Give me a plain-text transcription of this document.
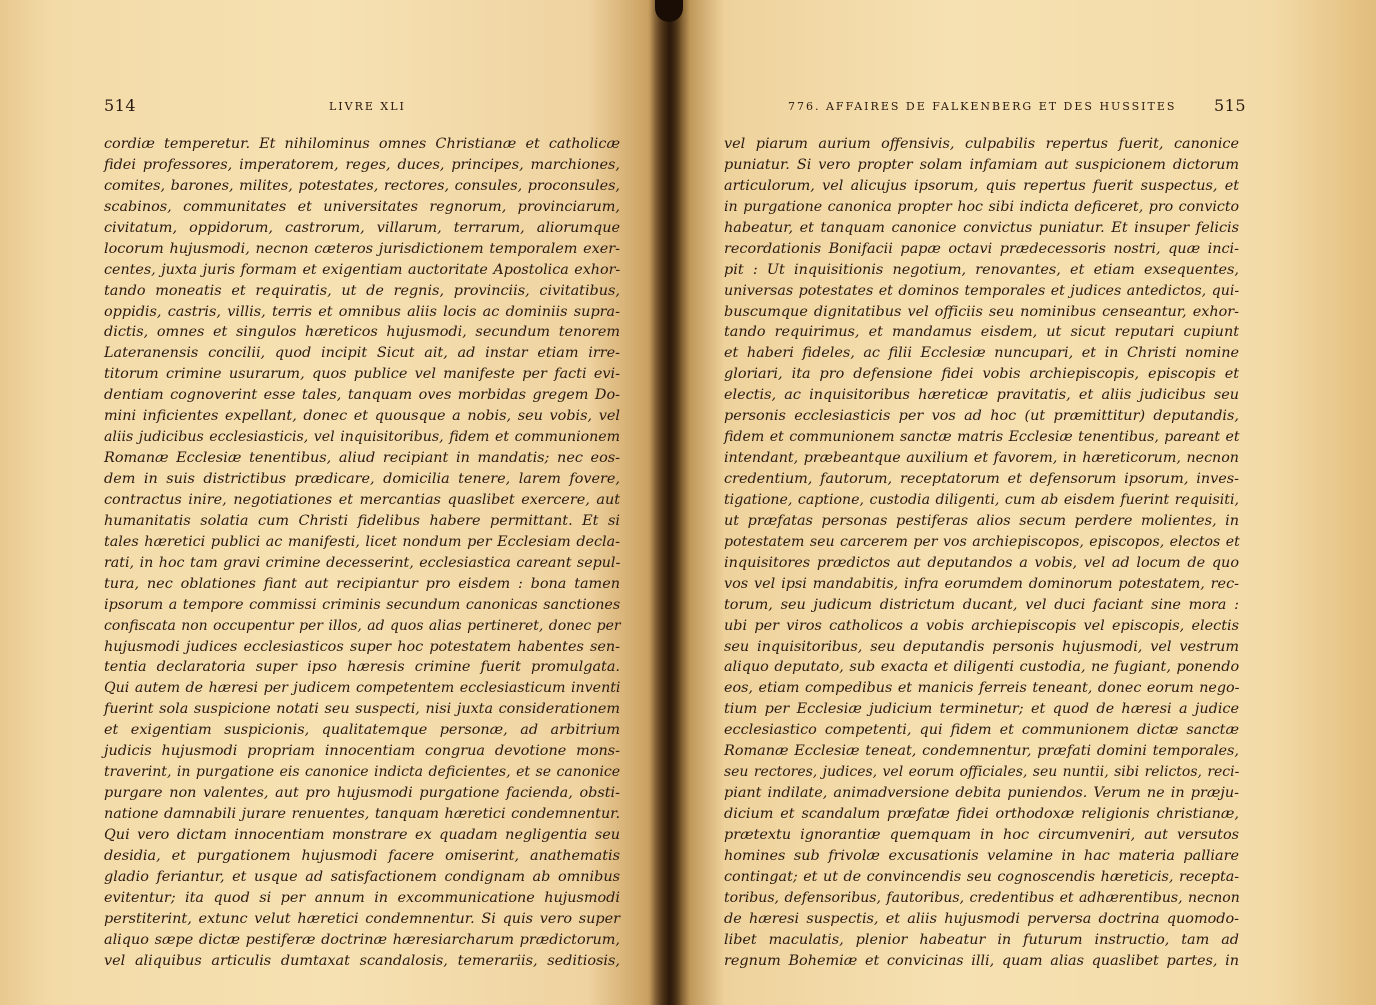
514	LIVRE XLI
cordiæ temperetur. Et nihilominus omnes Christianæ et catholicæ
fidei professores, imperatorem, reges, duces, principes, marchiones,
comites, barones, milites, potestates, rectores, consules, proconsules,
scabinos, communitates et universitates regnorum, provinciarum,
civitatum, oppidorum, castrorum, villarum, terrarum, aliorumque
locorum hujusmodi, necnon cæteros jurisdictionem temporalem exer-
centes, juxta juris formam et exigentiam auctoritate Apostolica exhor-
tando moneatis et requiratis, ut de regnis, provinciis, civitatibus,
oppidis, castris, villis, terris et omnibus aliis locis ac dominiis supra-
dictis, omnes et singulos hæreticos hujusmodi, secundum tenorem
Lateranensis concilii, quod incipit Sicut ait, ad instar etiam irre-
titorum crimine usurarum, quos publice vel manifeste per facti evi-
dentiam cognoverint esse tales, tanquam oves morbidas gregem Do-
mini inficientes expellant, donec et quousque a nobis, seu vobis, vel
aliis judicibus ecclesiasticis, vel inquisitoribus, fidem et communionem
Romanæ Ecclesiæ tenentibus, aliud recipiant in mandatis; nec eos-
dem in suis districtibus prædicare, domicilia tenere, larem fovere,
contractus inire, negotiationes et mercantias quaslibet exercere, aut
humanitatis solatia cum Christi fidelibus habere permittant. Et si
tales hæretici publici ac manifesti, licet nondum per Ecclesiam decla-
rati, in hoc tam gravi crimine decesserint, ecclesiastica careant sepul-
tura, nec oblationes fiant aut recipiantur pro eisdem : bona tamen
ipsorum a tempore commissi criminis secundum canonicas sanctiones
confiscata non occupentur per illos, ad quos alias pertineret, donec per
hujusmodi judices ecclesiasticos super hoc potestatem habentes sen-
tentia declaratoria super ipso hæresis crimine fuerit promulgata.
Qui autem de hæresi per judicem competentem ecclesiasticum inventi
fuerint sola suspicione notati seu suspecti, nisi juxta considerationem
et exigentiam suspicionis, qualitatemque personæ, ad arbitrium
judicis hujusmodi propriam innocentiam congrua devotione mons-
traverint, in purgatione eis canonice indicta deficientes, et se canonice
purgare non valentes, aut pro hujusmodi purgatione facienda, obsti-
natione damnabili jurare renuentes, tanquam hæretici condemnentur.
Qui vero dictam innocentiam monstrare ex quadam negligentia seu
desidia, et purgationem hujusmodi facere omiserint, anathematis
gladio feriantur, et usque ad satisfactionem condignam ab omnibus
evitentur; ita quod si per annum in excommunicatione hujusmodi
perstiterint, extunc velut hæretici condemnentur. Si quis vero super
aliquo sæpe dictæ pestiferæ doctrinæ hæresiarcharum prædictorum,
vel aliquibus articulis dumtaxat scandalosis, temerariis, seditiosis,
776. AFFAIRES DE FALKENBERG ET DES HUSSITES 515
vel piarum aurium offensivis, culpabilis repertus fuerit, canonice
puniatur. Si vero propter solam infamiam aut suspicionem dictorum
articulorum, vel alicujus ipsorum, quis repertus fuerit suspectus, et
in purgatione canonica propter hoc sibi indicta deficeret, pro convicto
habeatur, et tanquam canonice convictus puniatur. Et insuper felicis
recordationis Bonifacii papæ octavi prædecessoris nostri, quæ inci-
pit : Ut inquisitionis negotium, renovantes, et etiam exsequentes,
universas potestates et dominos temporales et judices antedictos, qui-
buscumque dignitatibus vel officiis seu nominibus censeantur, exhor-
tando requirimus, et mandamus eisdem, ut sicut reputari cupiunt
et haberi fideles, ac filii Ecclesiæ nuncupari, et in Christi nomine
gloriari, ita pro defensione fidei vobis archiepiscopis, episcopis et
electis, ac inquisitoribus hæreticæ pravitatis, et aliis judicibus seu
personis ecclesiasticis per vos ad hoc (ut præmittitur) deputandis,
fidem et communionem sanctæ matris Ecclesiæ tenentibus, pareant et
intendant, præbeantque auxilium et favorem, in hæreticorum, necnon
credentium, fautorum, receptatorum et defensorum ipsorum, inves-
tigatione, captione, custodia diligenti, cum ab eisdem fuerint requisiti,
ut præfatas personas pestiferas alios secum perdere molientes, in
potestatem seu carcerem per vos archiepiscopos, episcopos, electos et
inquisitores prædictos aut deputandos a vobis, vel ad locum de quo
vos vel ipsi mandabitis, infra eorumdem dominorum potestatem, rec-
torum, seu judicum districtum ducant, vel duci faciant sine mora :
ubi per viros catholicos a vobis archiepiscopis vel episcopis, electis
seu inquisitoribus, seu deputandis personis hujusmodi, vel vestrum
aliquo deputato, sub exacta et diligenti custodia, ne fugiant, ponendo
eos, etiam compedibus et manicis ferreis teneant, donec eorum nego-
tium per Ecclesiæ judicium terminetur; et quod de hæresi a judice
ecclesiastico competenti, qui fidem et communionem dictæ sanctæ
Romanæ Ecclesiæ teneat, condemnentur, præfati domini temporales,
seu rectores, judices, vel eorum officiales, seu nuntii, sibi relictos, reci-
piant indilate, animadversione debita puniendos. Verum ne in præju-
dicium et scandalum præfatæ fidei orthodoxæ religionis christianæ,
prætextu ignorantiæ quemquam in hoc circumveniri, aut versutos
homines sub frivolæ excusationis velamine in hac materia palliare
contingat; et ut de convincendis seu cognoscendis hæreticis, recepta-
toribus, defensoribus, fautoribus, credentibus et adhærentibus, necnon
de hæresi suspectis, et aliis hujusmodi perversa doctrina quomodo-
libet maculatis, plenior habeatur in futurum instructio, tam ad
regnum Bohemiæ et convicinas illi, quam alias quaslibet partes, in
